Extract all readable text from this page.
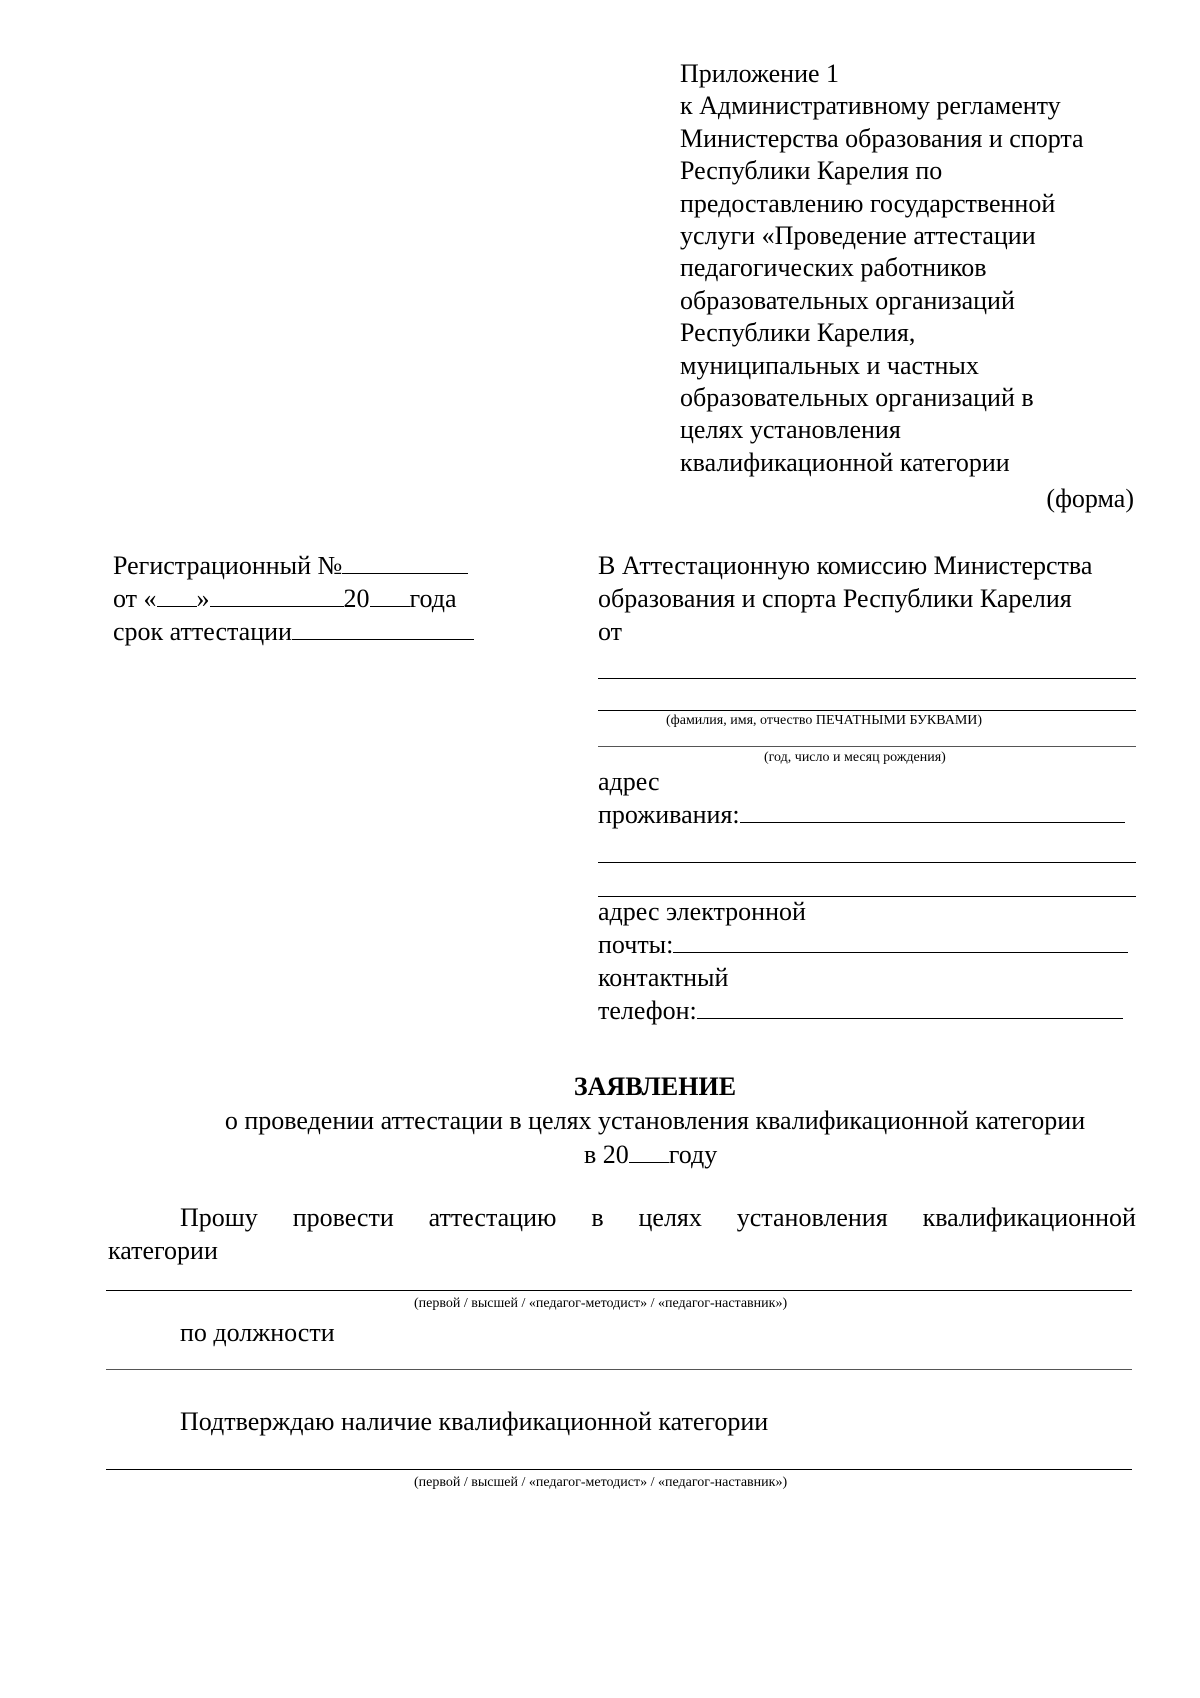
Приложение 1
к Административному регламенту
Министерства образования и спорта
Республики Карелия по
предоставлению государственной
услуги «Проведение аттестации
педагогических работников
образовательных организаций
Республики Карелия,
муниципальных и частных
образовательных организаций в
целях установления
квалификационной категории
(форма)
Регистрационный №
от « »	20 года
срок аттестации
В Аттестационную комиссию Министерства
образования и спорта Республики Карелия
от
(фамилия, имя, отчество ПЕЧАТНЫМИ БУКВАМИ)
(год, число и месяц рождения)
адрес
проживания:
адрес электронной
почты:
контактный
телефон:
ЗАЯВЛЕНИЕ
о проведении аттестации в целях установления квалификационной категории
в 20 году
Прошу провести аттестацию в целях установления квалификационной
категории
(первой / высшей / «педагог-методист» / «педагог-наставник»)
по должности
Подтверждаю наличие квалификационной категории
(первой / высшей / «педагог-методист» / «педагог-наставник»)
